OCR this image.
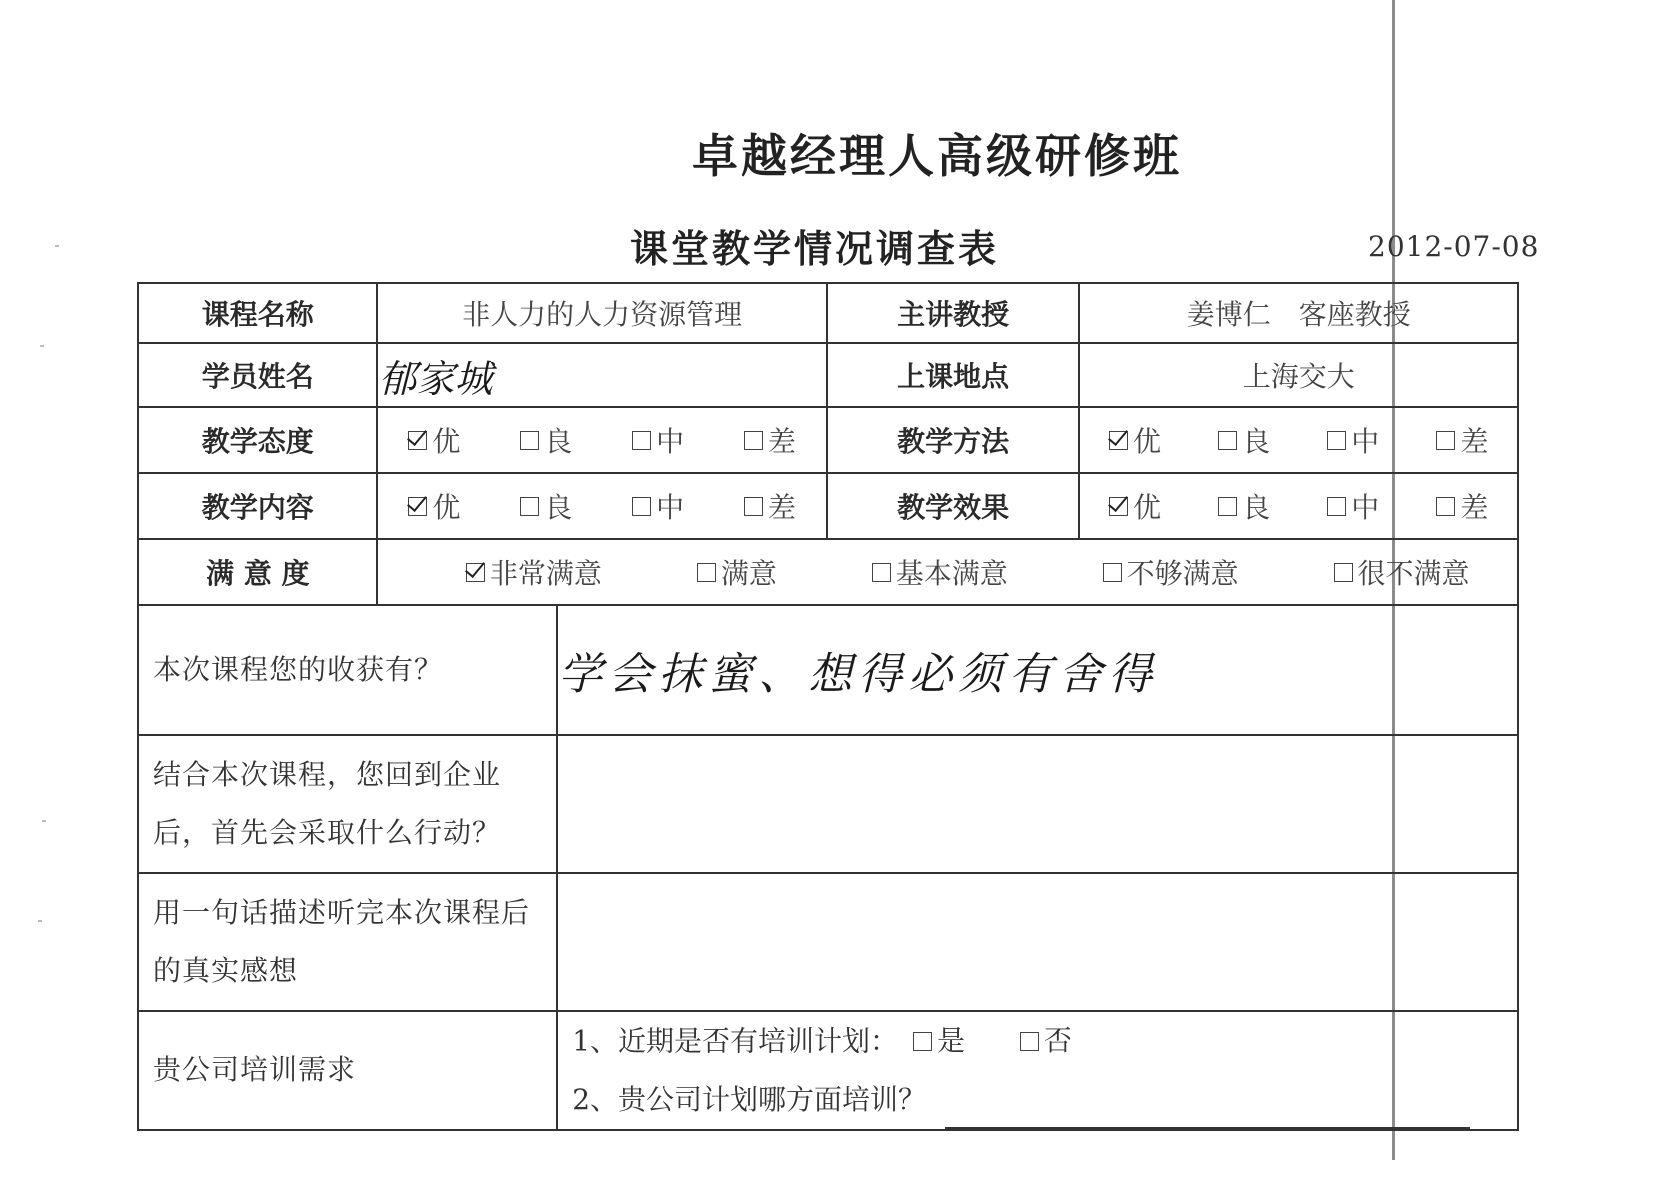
卓越经理人高级研修班
课堂教学情况调查表	2012-07-08
课程名称	非人力的人力资源管理		主讲教授	姜博仁　客座教授
学员姓名	郁家城		上课地点	上海交大
教学态度	优 良 中 差		教学方法	优 良 中 差

教学内容	优 良 中 差		教学效果	优 良 中 差

满 意 度	非常满意 满意 基本满意 不够满意 很不满意			

本次课程您的收获有？		学会抹蜜、想得必须有舍得		
结合本次课程，您回到企业后，首先会采取什么行动？				
用一句话描述听完本次课程后的真实感想				
贵公司培训需求		1、近期是否有培训计划： 是
否
2、贵公司计划哪方面培训？		
